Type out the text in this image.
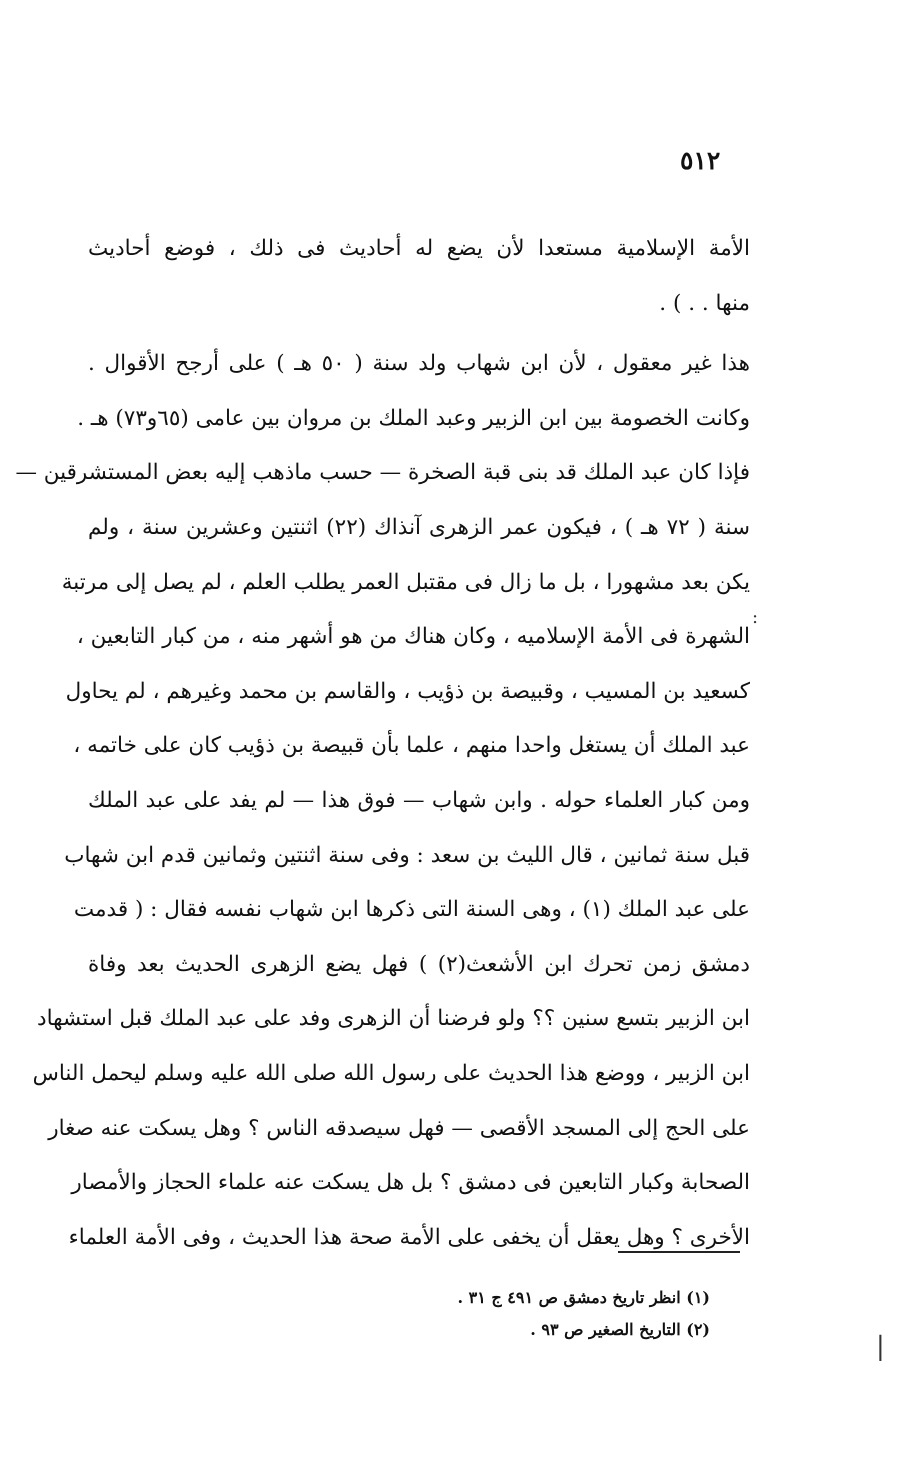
٥١٢
الأمة الإسلامية مستعدا لأن يضع له أحاديث فى ذلك ، فوضع أحاديث
منها . . ) .
هذا غير معقول ، لأن ابن شهاب ولد سنة ( ٥٠ هـ ) على أرجح الأقوال .
وكانت الخصومة بين ابن الزبير وعبد الملك بن مروان بين عامى (٦٥و٧٣) هـ .
فإذا كان عبد الملك قد بنى قبة الصخرة — حسب ماذهب إليه بعض المستشرقين —
سنة ( ٧٢ هـ ) ، فيكون عمر الزهرى آنذاك (٢٢) اثنتين وعشرين سنة ، ولم
يكن بعد مشهورا ، بل ما زال فى مقتبل العمر يطلب العلم ، لم يصل إلى مرتبة
الشهرة فى الأمة الإسلاميه ، وكان هناك من هو أشهر منه ، من كبار التابعين ،
كسعيد بن المسيب ، وقبيصة بن ذؤيب ، والقاسم بن محمد وغيرهم ، لم يحاول
عبد الملك أن يستغل واحدا منهم ، علما بأن قبيصة بن ذؤيب كان على خاتمه ،
ومن كبار العلماء حوله . وابن شهاب — فوق هذا — لم يفد على عبد الملك
قبل سنة ثمانين ، قال الليث بن سعد : وفى سنة اثنتين وثمانين قدم ابن شهاب
على عبد الملك (١) ، وهى السنة التى ذكرها ابن شهاب نفسه فقال : ( قدمت
دمشق زمن تحرك ابن الأشعث(٢) ) فهل يضع الزهرى الحديث بعد وفاة
ابن الزبير بتسع سنين ؟؟ ولو فرضنا أن الزهرى وفد على عبد الملك قبل استشهاد
ابن الزبير ، ووضع هذا الحديث على رسول الله صلى الله عليه وسلم ليحمل الناس
على الحج إلى المسجد الأقصى — فهل سيصدقه الناس ؟ وهل يسكت عنه صغار
الصحابة وكبار التابعين فى دمشق ؟ بل هل يسكت عنه علماء الحجاز والأمصار
الأخرى ؟ وهل يعقل أن يخفى على الأمة صحة هذا الحديث ، وفى الأمة العلماء
(١) انظر تاريخ دمشق ص ٤٩١ ج ٣١ .
(٢) التاريخ الصغير ص ٩٣ .
:
|
